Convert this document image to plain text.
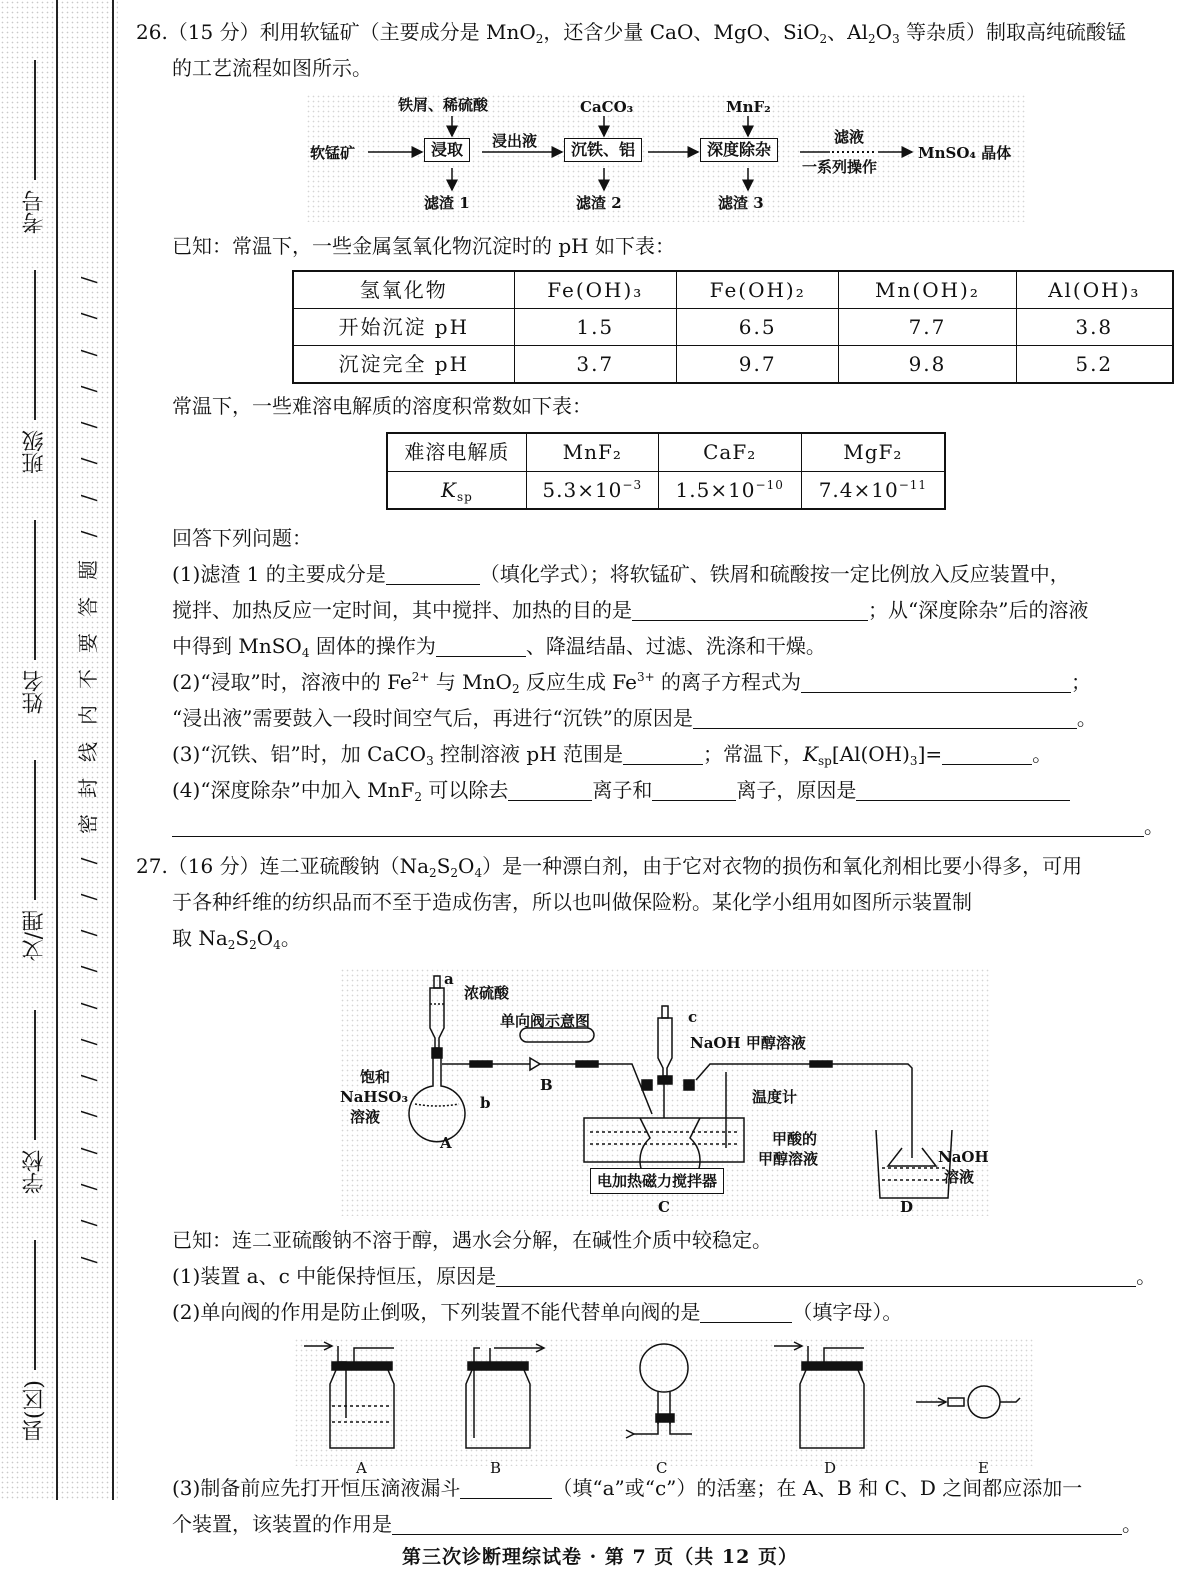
考号
班级
姓名
文/理
学校
县(区)
/
/
/
/
/
/
/
/
题
答
要
不
内
线
封
密
/
/
/
/
/
/
/
/
/
/
/
/
26.（15 分）利用软锰矿（主要成分是 MnO$_2$，还含少量 CaO、MgO、SiO$_2$、$Al_2O_3$ 等杂质）制取高纯硫酸锰
的工艺流程如图所示。
软锰矿
铁屑、稀硫酸
浸取	浸出液
CaCO₃
沉铁、铝
MnF₂
深度除杂
滤液
一系列操作
MnSO₄ 晶体
滤渣 1	滤渣 2	滤渣 3
已知：常温下，一些金属氢氧化物沉淀时的 pH 如下表：
氢氧化物	Fe(OH)₃	Fe(OH)₂	Mn(OH)₂	Al(OH)₃
开始沉淀 pH	1.5	6.5	7.7	3.8
沉淀完全 pH	3.7	9.7	9.8	5.2
常温下，一些难溶电解质的溶度积常数如下表：
难溶电解质	MnF₂	CaF₂	MgF₂
$K_{sp}$	$5.3\times 10^{-3}$	$1.5\times 10^{-10}$	$7.4\times 10^{-11}$
回答下列问题：
(1)滤渣 1 的主要成分是	（填化学式）；将软锰矿、铁屑和硫酸按一定比例放入反应装置中，
搅拌、加热反应一定时间，其中搅拌、加热的目的是	；从“深度除杂”后的溶液
中得到 MnSO$_4$ 固体的操作为	、降温结晶、过滤、洗涤和干燥。
(2)“浸取”时，溶液中的 $Fe^{2+}$ 与 MnO$_2$ 反应生成 $Fe^{3+}$ 的离子方程式为	；
“浸出液”需要鼓入一段时间空气后，再进行“沉铁”的原因是	。
(3)“沉铁、铝”时，加 CaCO$_3$ 控制溶液 pH 范围是	；常温下，$K_{sp}[Al(OH)_3]=$	。
(4)“深度除杂”中加入 MnF$_2$ 可以除去	离子和	离子，原因是
。
27.（16 分）连二亚硫酸钠$(Na_2S_2O_4)$是一种漂白剂，由于它对衣物的损伤和氧化剂相比要小得多，可用
于各种纤维的纺织品而不至于造成伤害，所以也叫做保险粉。某化学小组用如图所示装置制
取 $Na_2S_2O_4$。
a
浓硫酸
单向阀示意图
饱和
NaHSO₃
溶液
b
A
B
c
NaOH 甲醇溶液
温度计
甲酸的
甲醇溶液
电加热磁力搅拌器
C
NaOH
溶液
D
已知：连二亚硫酸钠不溶于醇，遇水会分解，在碱性介质中较稳定。
(1)装置 a、c 中能保持恒压，原因是	。
(2)单向阀的作用是防止倒吸，下列装置不能代替单向阀的是	（填字母）。
A	B	C	D	E
(3)制备前应先打开恒压滴液漏斗	（填“a”或“c”）的活塞；在 A、B 和 C、D 之间都应添加一
个装置，该装置的作用是	。
第三次诊断理综试卷 · 第 7 页（共 12 页）
